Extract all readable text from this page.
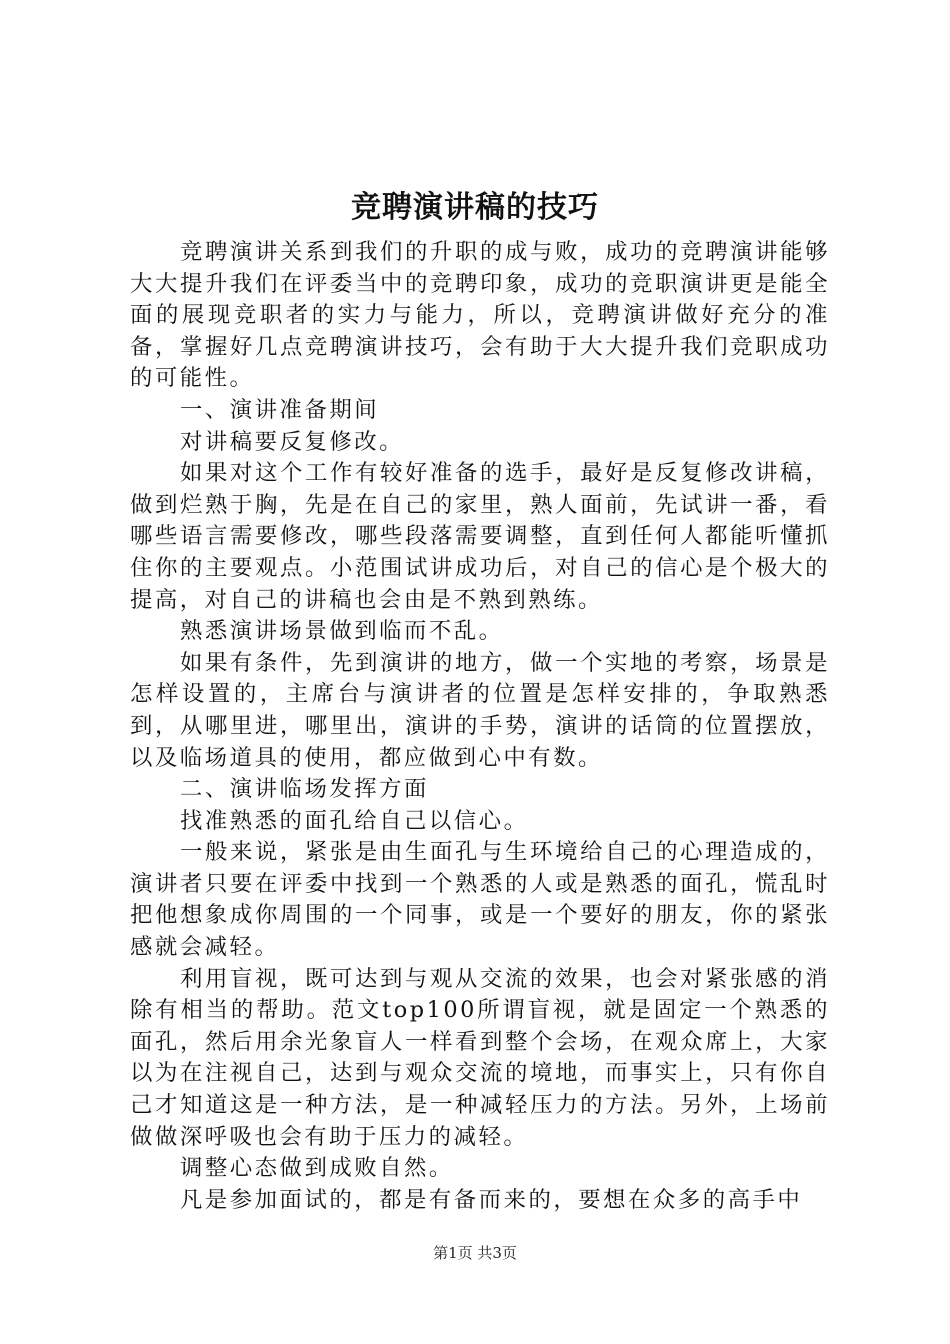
竞聘演讲稿的技巧

竞聘演讲关系到我们的升职的成与败，成功的竞聘演讲能够大大提升我们在评委当中的竞聘印象，成功的竞职演讲更是能全面的展现竞职者的实力与能力，所以，竞聘演讲做好充分的准备，掌握好几点竞聘演讲技巧，会有助于大大提升我们竞职成功的可能性。

一、演讲准备期间

对讲稿要反复修改。

如果对这个工作有较好准备的选手，最好是反复修改讲稿，做到烂熟于胸，先是在自己的家里，熟人面前，先试讲一番，看哪些语言需要修改，哪些段落需要调整，直到任何人都能听懂抓住你的主要观点。小范围试讲成功后，对自己的信心是个极大的提高，对自己的讲稿也会由是不熟到熟练。

熟悉演讲场景做到临而不乱。

如果有条件，先到演讲的地方，做一个实地的考察，场景是怎样设置的，主席台与演讲者的位置是怎样安排的，争取熟悉到，从哪里进，哪里出，演讲的手势，演讲的话筒的位置摆放，以及临场道具的使用，都应做到心中有数。

二、演讲临场发挥方面

找准熟悉的面孔给自己以信心。

一般来说，紧张是由生面孔与生环境给自己的心理造成的，演讲者只要在评委中找到一个熟悉的人或是熟悉的面孔，慌乱时把他想象成你周围的一个同事，或是一个要好的朋友，你的紧张感就会减轻。

利用盲视，既可达到与观从交流的效果，也会对紧张感的消除有相当的帮助。范文top100所谓盲视，就是固定一个熟悉的面孔，然后用余光象盲人一样看到整个会场，在观众席上，大家以为在注视自己，达到与观众交流的境地，而事实上，只有你自己才知道这是一种方法，是一种减轻压力的方法。另外，上场前做做深呼吸也会有助于压力的减轻。

调整心态做到成败自然。

凡是参加面试的，都是有备而来的，要想在众多的高手中

第1页 共3页
